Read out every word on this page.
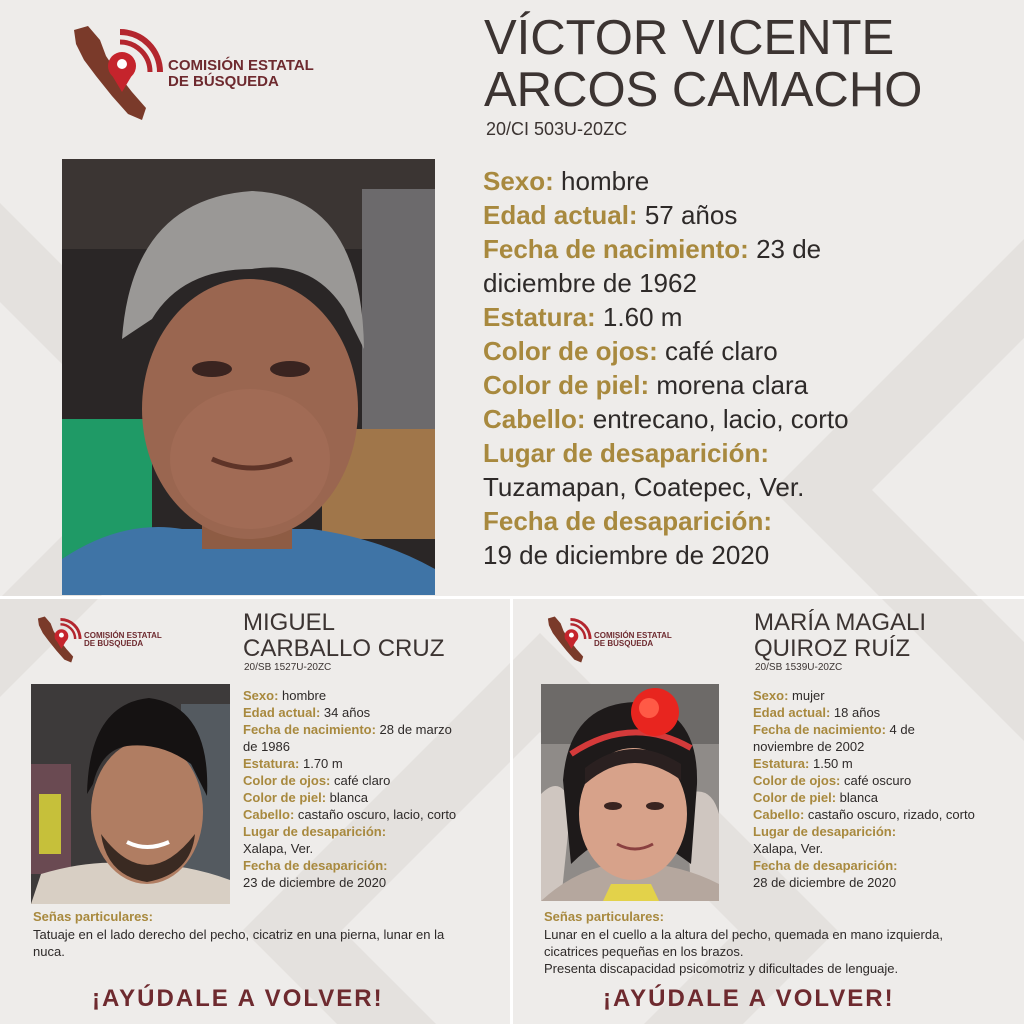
COMISIÓN ESTATAL
DE BÚSQUEDA
VÍCTOR VICENTE
ARCOS CAMACHO
20/CI 503U-20ZC
Sexo: hombre
Edad actual: 57 años
Fecha de nacimiento: 23 de diciembre de 1962
Estatura: 1.60 m
Color de ojos: café claro
Color de piel: morena clara
Cabello: entrecano, lacio, corto
Lugar de desaparición:
Tuzamapan, Coatepec, Ver.
Fecha de desaparición:
19 de diciembre de 2020
COMISIÓN ESTATAL
DE BÚSQUEDA
MIGUEL
CARBALLO CRUZ
20/SB 1527U-20ZC
Sexo: hombre
Edad actual: 34 años
Fecha de nacimiento: 28 de marzo de 1986
Estatura: 1.70 m
Color de ojos: café claro
Color de piel: blanca
Cabello: castaño oscuro, lacio, corto
Lugar de desaparición:
Xalapa, Ver.
Fecha de desaparición:
23 de diciembre de 2020
Señas particulares:
Tatuaje en el lado derecho del pecho, cicatriz en una pierna, lunar en la nuca.
¡AYÚDALE A VOLVER!
COMISIÓN ESTATAL
DE BÚSQUEDA
MARÍA MAGALI
QUIROZ RUÍZ
20/SB 1539U-20ZC
Sexo: mujer
Edad actual: 18 años
Fecha de nacimiento: 4 de noviembre de 2002
Estatura: 1.50 m
Color de ojos: café oscuro
Color de piel: blanca
Cabello: castaño oscuro, rizado, corto
Lugar de desaparición:
Xalapa, Ver.
Fecha de desaparición:
28 de diciembre de 2020
Señas particulares:
Lunar en el cuello a la altura del pecho, quemada en mano izquierda, cicatrices pequeñas en los brazos.
Presenta discapacidad psicomotriz y dificultades de lenguaje.
¡AYÚDALE A VOLVER!
